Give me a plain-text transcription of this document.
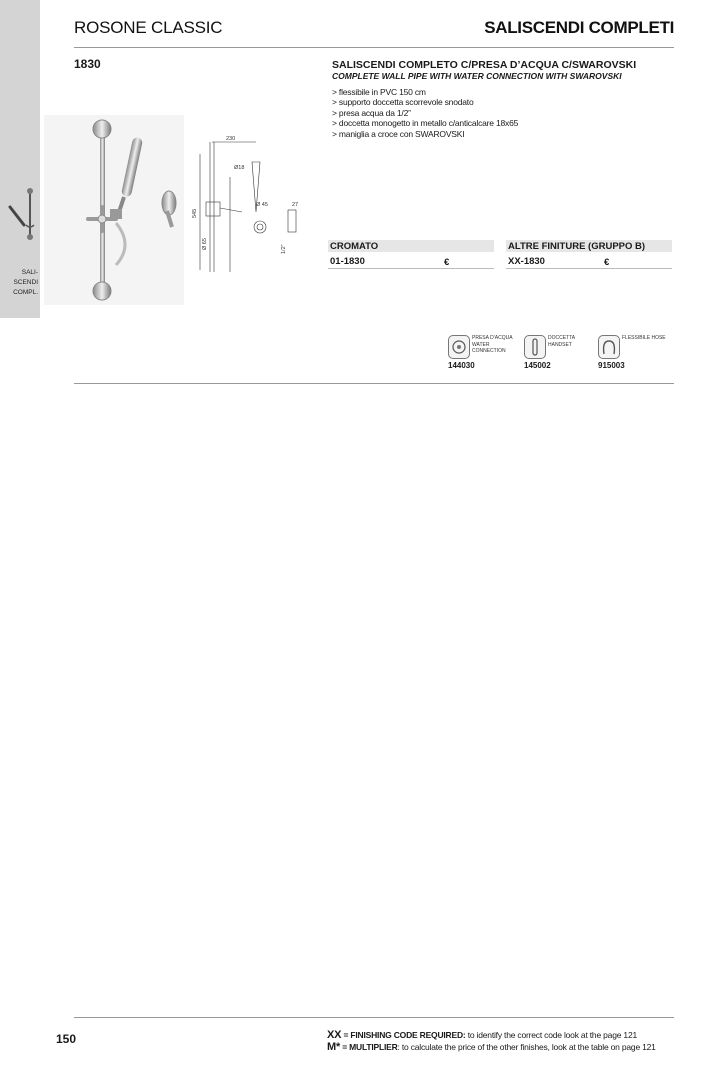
SALI-
SCENDI
COMPL.
ROSONE CLASSIC	SALISCENDI COMPLETI
1830
230
Ø18
545
Ø 65
Ø 45	27
1/2”
SALISCENDI COMPLETO C/PRESA D’ACQUA C/SWAROVSKI
COMPLETE WALL PIPE WITH WATER CONNECTION WITH SWAROVSKI
> flessibile in PVC 150 cm
> supporto doccetta scorrevole snodato
> presa acqua da 1/2”
> doccetta monogetto in metallo c/anticalcare 18x65
> maniglia a croce con SWAROVSKI
CROMATO	ALTRE FINITURE (GRUPPO B)
01-1830	€	XX-1830	€
PRESA D’ACQUA WATER CONNECTION
144030
DOCCETTA HANDSET
145002
FLESSIBILE HOSE
915003
150	XX = FINISHING CODE REQUIRED: to identify the correct code look at the page 121
M* = MULTIPLIER: to calculate the price of the other finishes, look at the table on page 121
